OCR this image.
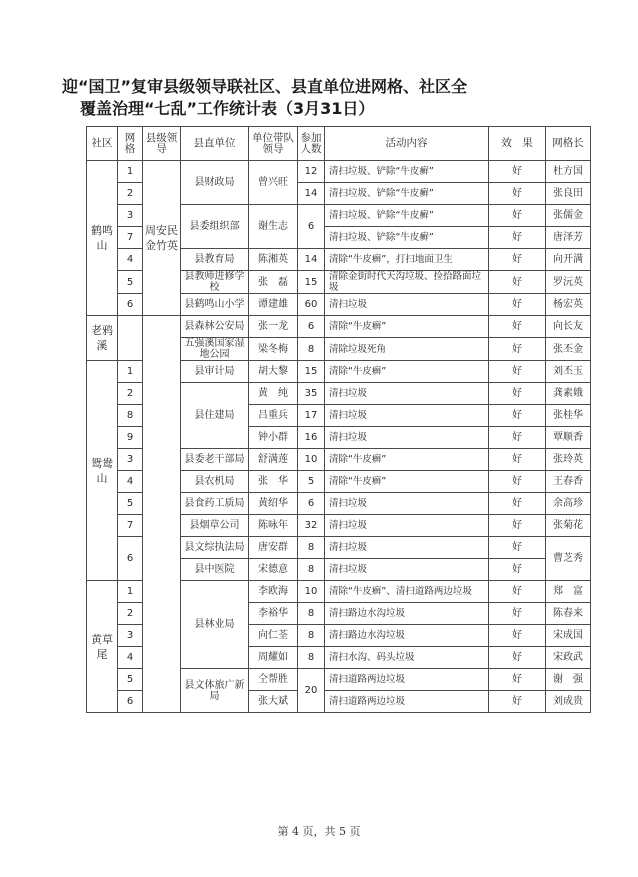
迎“国卫”复审县级领导联社区、县直单位进网格、社区全
覆盖治理“七乱”工作统计表（3月31日）
社区	网格	县级领导	县直单位	单位带队领导	参加人数	活动内容	效　果	网格长
鹤鸣山	1	周安民金竹英	县财政局	曾兴旺	12	清扫垃圾、铲除“牛皮癣”	好	杜方国
	2				14	清扫垃圾、铲除“牛皮癣”	好	张良田
	3		县委组织部	谢生志	6	清扫垃圾、铲除“牛皮癣”	好	张儒金
	7					清扫垃圾、铲除“牛皮癣”	好	唐泽芳
	4		县教育局	陈湘英	14	清除“牛皮癣”，打扫地面卫生	好	向开满
	5		县教师进修学校	张　磊	15	清除金街时代天沟垃圾、捡拾路面垃圾	好	罗沅英
	6		县鹤鸣山小学	谭建雄	60	清扫垃圾	好	杨宏英
老鸦溪			县森林公安局	张一龙	6	清除“牛皮癣”	好	向长友
			五强溪国家湿地公园	梁冬梅	8	清除垃圾死角	好	张丕金
鸳鸯山	1		县审计局	胡大黎	15	清除“牛皮癣”	好	刘丕玉
	2		县住建局	黄　纯	35	清扫垃圾	好	龚素娥
	8			吕重兵	17	清扫垃圾	好	张桂华
	9			钟小群	16	清扫垃圾	好	覃顺香
	3		县委老干部局	舒满莲	10	清除“牛皮癣”	好	张玲英
	4		县农机局	张　华	5	清除“牛皮癣”	好	王春香
	5		县食药工质局	黄绍华	6	清扫垃圾	好	余高珍
	7		县烟草公司	陈咏年	32	清扫垃圾	好	张菊花
	6		县文综执法局	唐安群	8	清扫垃圾	好	曹芝秀
			县中医院	宋德意	8	清扫垃圾	好	
黄草尾	1		县林业局	李欧海	10	清除“牛皮癣”、清扫道路两边垃圾	好	郑　富
	2			李裕华	8	清扫路边水沟垃圾	好	陈春来
	3			向仁荃	8	清扫路边水沟垃圾	好	宋成国
	4			周耀如	8	清扫水沟、码头垃圾	好	宋政武
	5		县文体旅广新局	仝帮胜	20	清扫道路两边垃圾	好	谢　强
	6			张大斌		清扫道路两边垃圾	好	刘成贵
第 4 页，共 5 页
